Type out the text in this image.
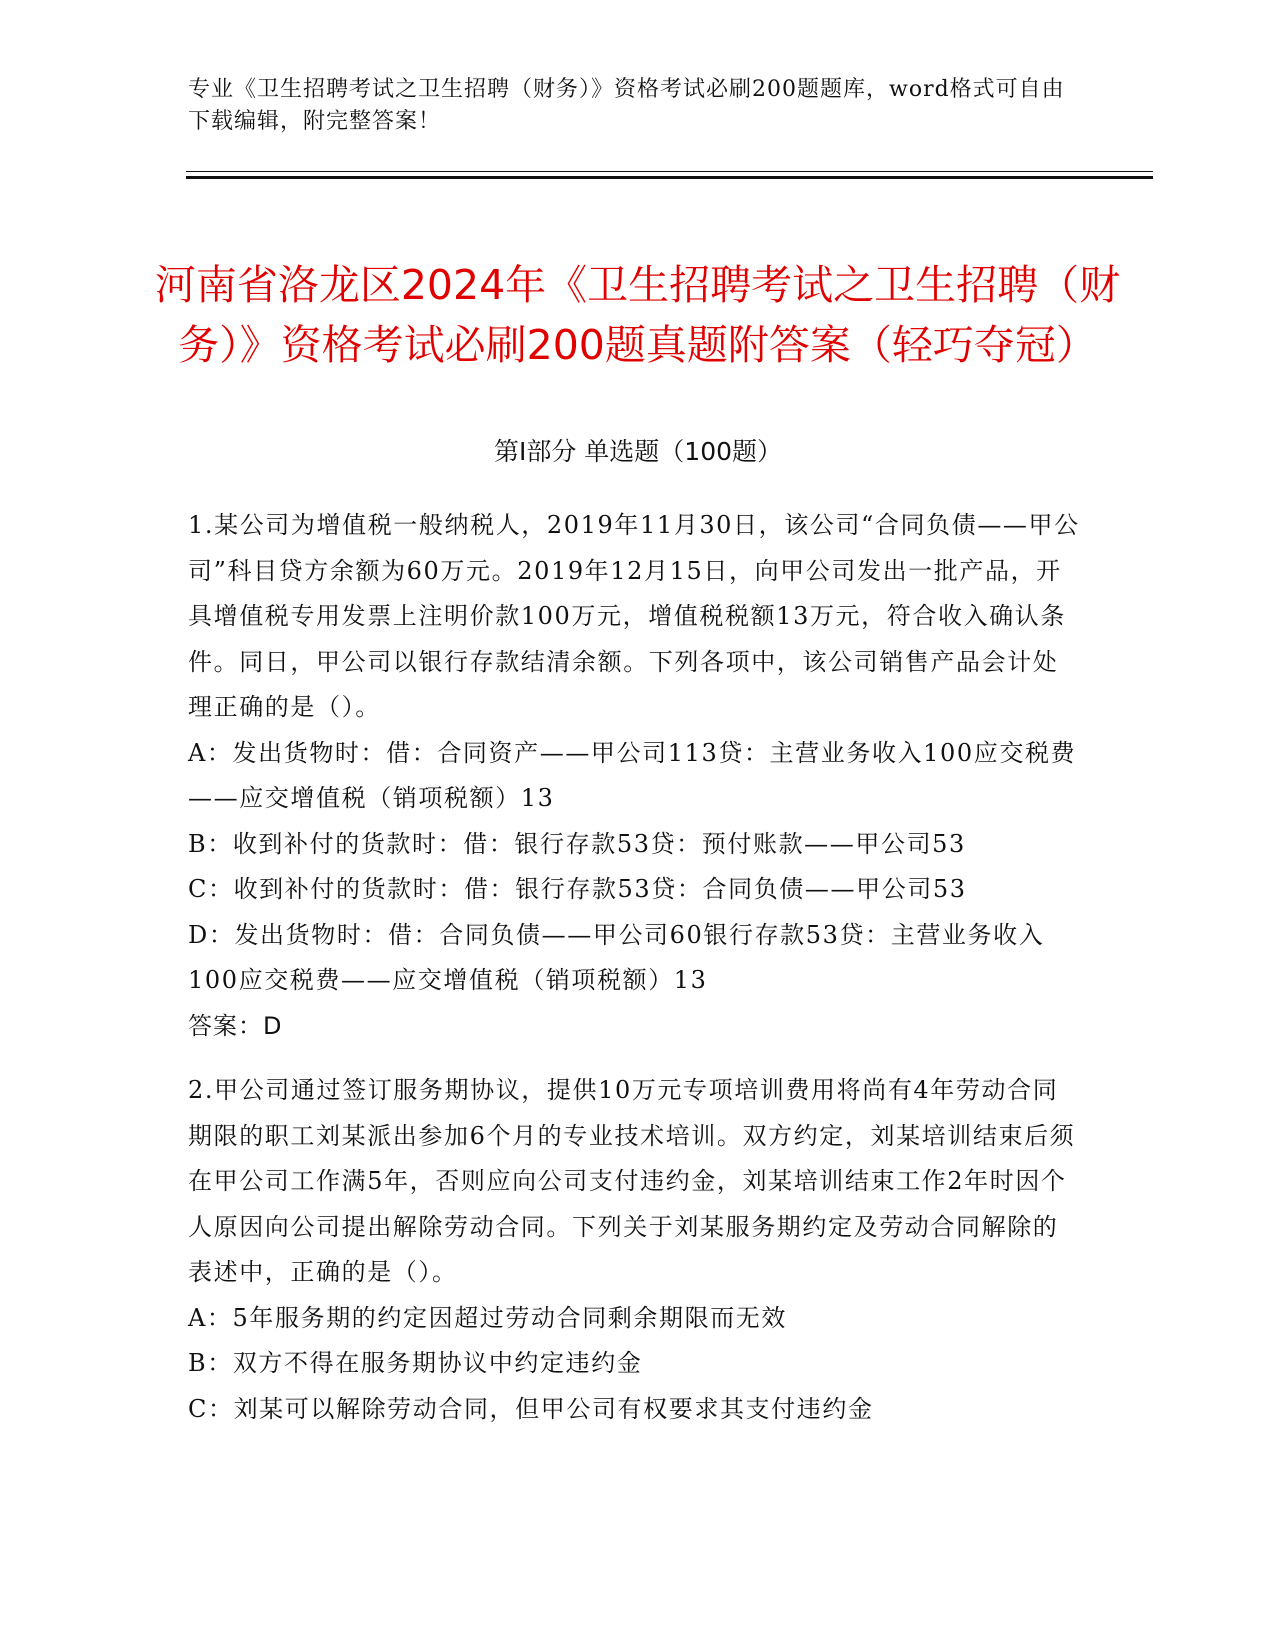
专业《卫生招聘考试之卫生招聘（财务）》资格考试必刷200题题库，word格式可自由下载编辑，附完整答案！
河南省洛龙区2024年《卫生招聘考试之卫生招聘（财务）》资格考试必刷200题真题附答案（轻巧夺冠）
第Ⅰ部分 单选题（100题）

1.某公司为增值税一般纳税人，2019年11月30日，该公司“合同负债——甲公司”科目贷方余额为60万元。2019年12月15日，向甲公司发出一批产品，开具增值税专用发票上注明价款100万元，增值税税额13万元，符合收入确认条件。同日，甲公司以银行存款结清余额。下列各项中，该公司销售产品会计处理正确的是（）。

A：发出货物时：借：合同资产——甲公司113贷：主营业务收入100应交税费——应交增值税（销项税额）13

B：收到补付的货款时：借：银行存款53贷：预付账款——甲公司53

C：收到补付的货款时：借：银行存款53贷：合同负债——甲公司53

D：发出货物时：借：合同负债——甲公司60银行存款53贷：主营业务收入100应交税费——应交增值税（销项税额）13

答案：D

2.甲公司通过签订服务期协议，提供10万元专项培训费用将尚有4年劳动合同期限的职工刘某派出参加6个月的专业技术培训。双方约定，刘某培训结束后须在甲公司工作满5年，否则应向公司支付违约金，刘某培训结束工作2年时因个人原因向公司提出解除劳动合同。下列关于刘某服务期约定及劳动合同解除的表述中，正确的是（）。

A：5年服务期的约定因超过劳动合同剩余期限而无效

B：双方不得在服务期协议中约定违约金

C：刘某可以解除劳动合同，但甲公司有权要求其支付违约金
